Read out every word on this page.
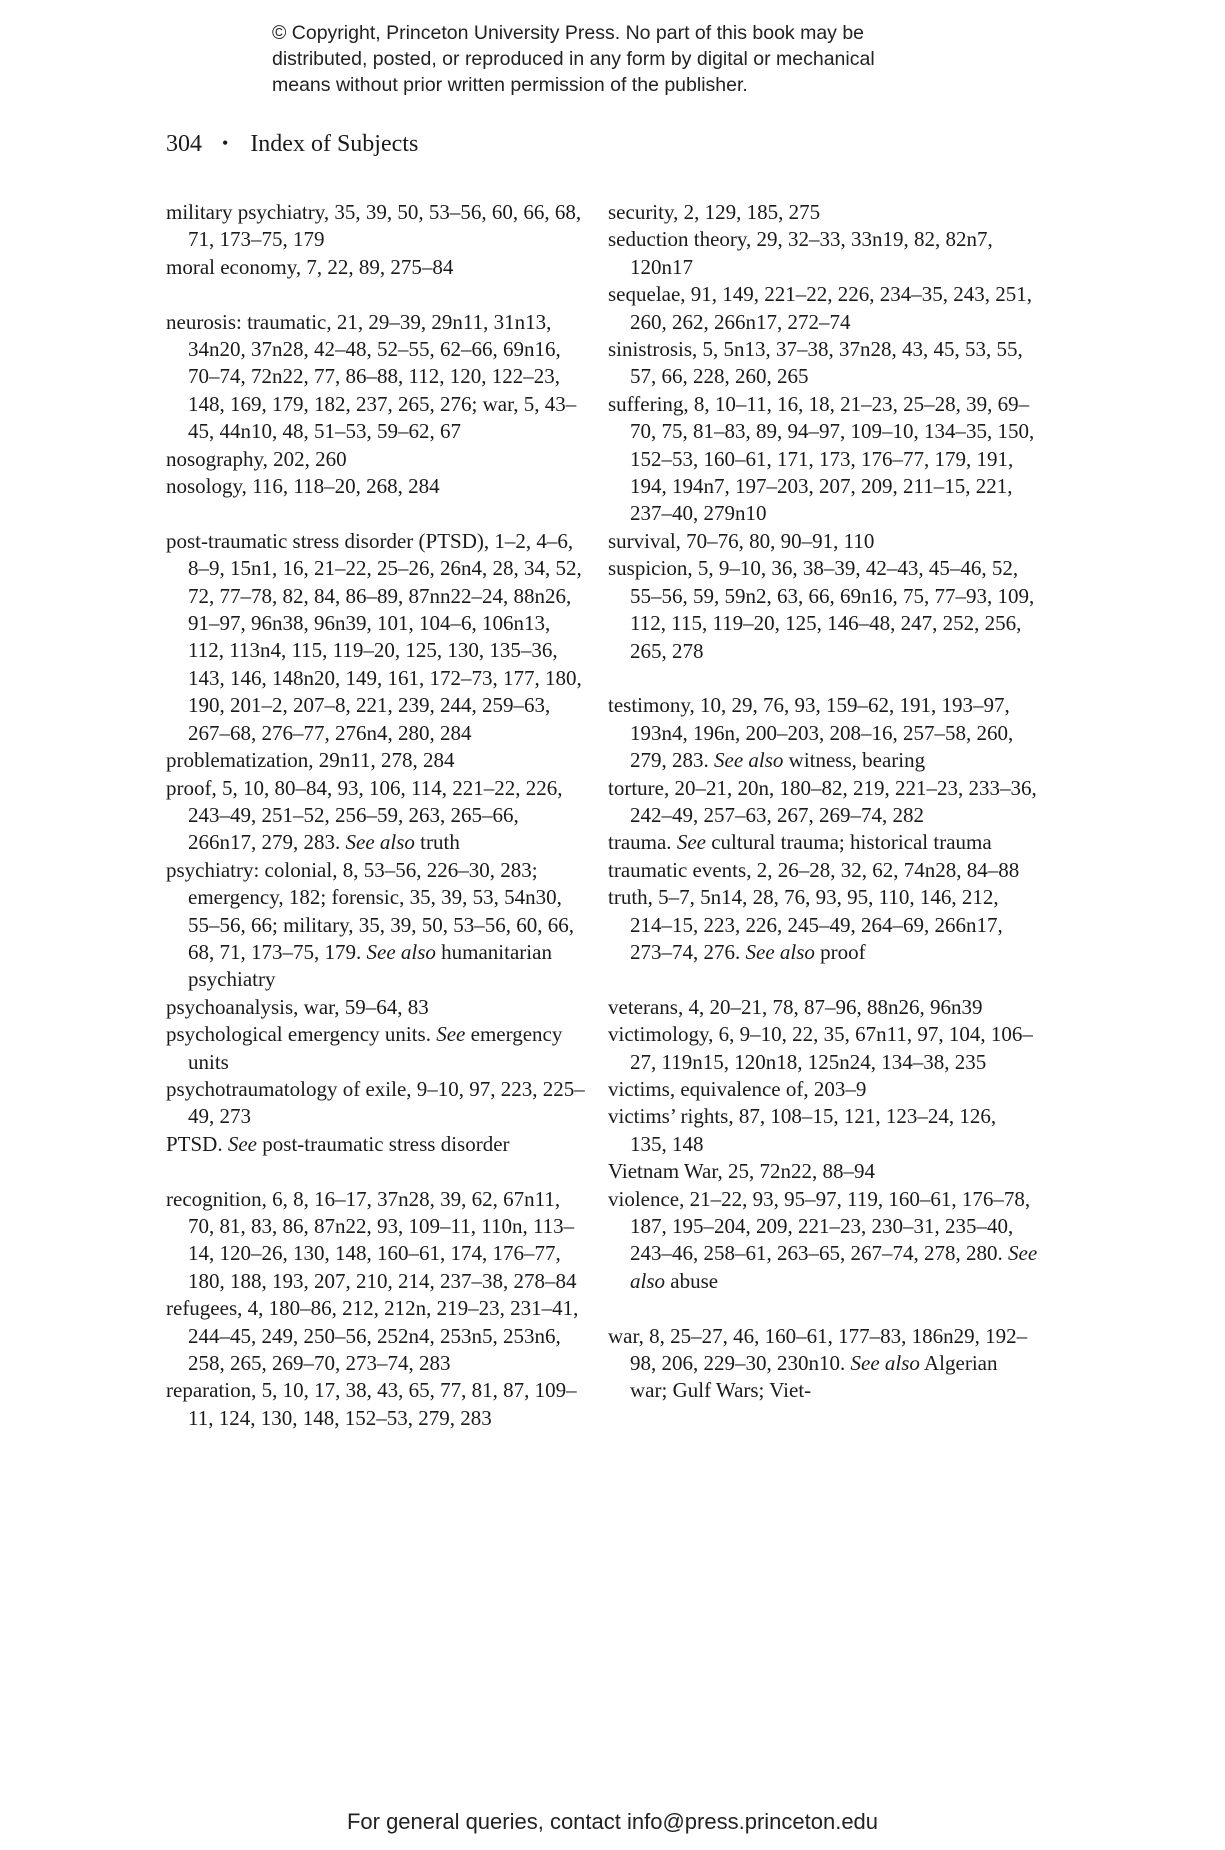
© Copyright, Princeton University Press. No part of this book may be
distributed, posted, or reproduced in any form by digital or mechanical
means without prior written permission of the publisher.
304 • Index of Subjects
military psychiatry, 35, 39, 50, 53–56, 60, 66, 68, 71, 173–75, 179
moral economy, 7, 22, 89, 275–84
neurosis: traumatic, 21, 29–39, 29n11, 31n13, 34n20, 37n28, 42–48, 52–55, 62–66, 69n16, 70–74, 72n22, 77, 86–88, 112, 120, 122–23, 148, 169, 179, 182, 237, 265, 276; war, 5, 43–45, 44n10, 48, 51–53, 59–62, 67
nosography, 202, 260
nosology, 116, 118–20, 268, 284
post-traumatic stress disorder (PTSD), 1–2, 4–6, 8–9, 15n1, 16, 21–22, 25–26, 26n4, 28, 34, 52, 72, 77–78, 82, 84, 86–89, 87nn22–24, 88n26, 91–97, 96n38, 96n39, 101, 104–6, 106n13, 112, 113n4, 115, 119–20, 125, 130, 135–36, 143, 146, 148n20, 149, 161, 172–73, 177, 180, 190, 201–2, 207–8, 221, 239, 244, 259–63, 267–68, 276–77, 276n4, 280, 284
problematization, 29n11, 278, 284
proof, 5, 10, 80–84, 93, 106, 114, 221–22, 226, 243–49, 251–52, 256–59, 263, 265–66, 266n17, 279, 283. See also truth
psychiatry: colonial, 8, 53–56, 226–30, 283; emergency, 182; forensic, 35, 39, 53, 54n30, 55–56, 66; military, 35, 39, 50, 53–56, 60, 66, 68, 71, 173–75, 179. See also humanitarian psychiatry
psychoanalysis, war, 59–64, 83
psychological emergency units. See emergency units
psychotraumatology of exile, 9–10, 97, 223, 225–49, 273
PTSD. See post-traumatic stress disorder
recognition, 6, 8, 16–17, 37n28, 39, 62, 67n11, 70, 81, 83, 86, 87n22, 93, 109–11, 110n, 113–14, 120–26, 130, 148, 160–61, 174, 176–77, 180, 188, 193, 207, 210, 214, 237–38, 278–84
refugees, 4, 180–86, 212, 212n, 219–23, 231–41, 244–45, 249, 250–56, 252n4, 253n5, 253n6, 258, 265, 269–70, 273–74, 283
reparation, 5, 10, 17, 38, 43, 65, 77, 81, 87, 109–11, 124, 130, 148, 152–53, 279, 283
security, 2, 129, 185, 275
seduction theory, 29, 32–33, 33n19, 82, 82n7, 120n17
sequelae, 91, 149, 221–22, 226, 234–35, 243, 251, 260, 262, 266n17, 272–74
sinistrosis, 5, 5n13, 37–38, 37n28, 43, 45, 53, 55, 57, 66, 228, 260, 265
suffering, 8, 10–11, 16, 18, 21–23, 25–28, 39, 69–70, 75, 81–83, 89, 94–97, 109–10, 134–35, 150, 152–53, 160–61, 171, 173, 176–77, 179, 191, 194, 194n7, 197–203, 207, 209, 211–15, 221, 237–40, 279n10
survival, 70–76, 80, 90–91, 110
suspicion, 5, 9–10, 36, 38–39, 42–43, 45–46, 52, 55–56, 59, 59n2, 63, 66, 69n16, 75, 77–93, 109, 112, 115, 119–20, 125, 146–48, 247, 252, 256, 265, 278
testimony, 10, 29, 76, 93, 159–62, 191, 193–97, 193n4, 196n, 200–203, 208–16, 257–58, 260, 279, 283. See also witness, bearing
torture, 20–21, 20n, 180–82, 219, 221–23, 233–36, 242–49, 257–63, 267, 269–74, 282
trauma. See cultural trauma; historical trauma
traumatic events, 2, 26–28, 32, 62, 74n28, 84–88
truth, 5–7, 5n14, 28, 76, 93, 95, 110, 146, 212, 214–15, 223, 226, 245–49, 264–69, 266n17, 273–74, 276. See also proof
veterans, 4, 20–21, 78, 87–96, 88n26, 96n39
victimology, 6, 9–10, 22, 35, 67n11, 97, 104, 106–27, 119n15, 120n18, 125n24, 134–38, 235
victims, equivalence of, 203–9
victims’ rights, 87, 108–15, 121, 123–24, 126, 135, 148
Vietnam War, 25, 72n22, 88–94
violence, 21–22, 93, 95–97, 119, 160–61, 176–78, 187, 195–204, 209, 221–23, 230–31, 235–40, 243–46, 258–61, 263–65, 267–74, 278, 280. See also abuse
war, 8, 25–27, 46, 160–61, 177–83, 186n29, 192–98, 206, 229–30, 230n10. See also Algerian war; Gulf Wars; Viet-
For general queries, contact info@press.princeton.edu
